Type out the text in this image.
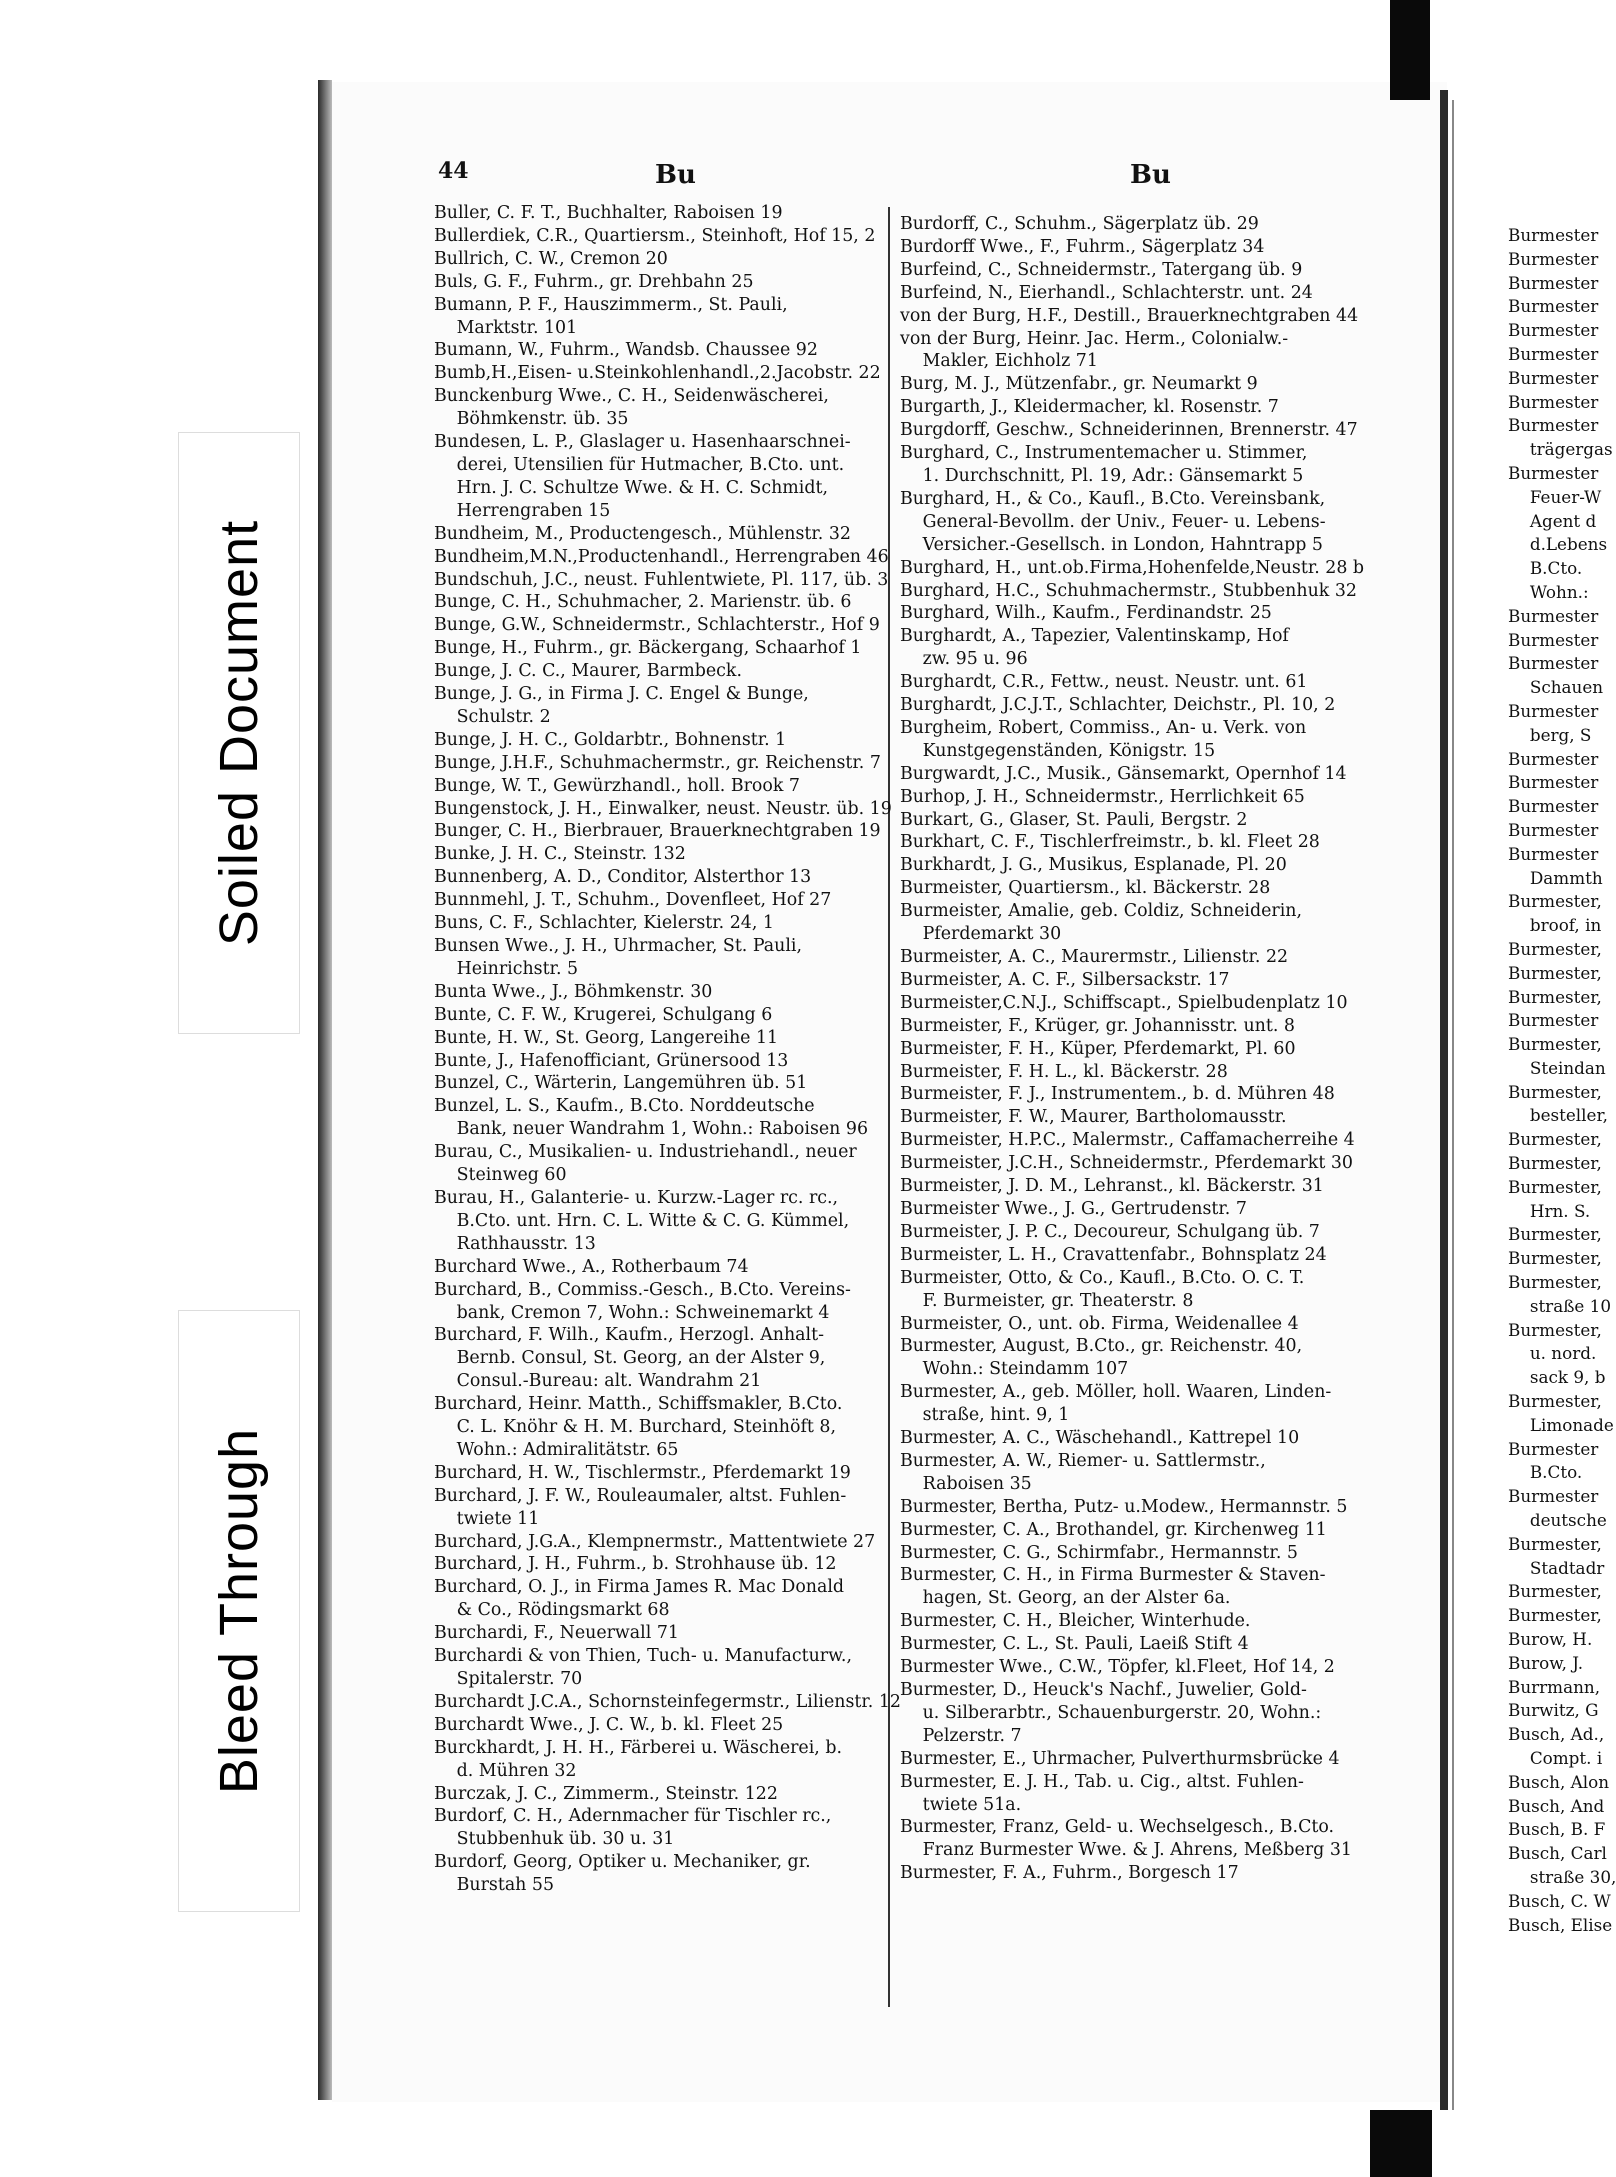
Soiled Document
Bleed Through
44	Bu	Bu
Buller, C. F. T., Buchhalter, Raboisen 19
Bullerdiek, C.R., Quartiersm., Steinhoft, Hof 15, 2
Bullrich, C. W., Cremon 20
Buls, G. F., Fuhrm., gr. Drehbahn 25
Bumann, P. F., Hauszimmerm., St. Pauli,
Marktstr. 101
Bumann, W., Fuhrm., Wandsb. Chaussee 92
Bumb,H.,Eisen- u.Steinkohlenhandl.,2.Jacobstr. 22
Bunckenburg Wwe., C. H., Seidenwäscherei,
Böhmkenstr. üb. 35
Bundesen, L. P., Glaslager u. Hasenhaarschnei-
derei, Utensilien für Hutmacher, B.Cto. unt.
Hrn. J. C. Schultze Wwe. & H. C. Schmidt,
Herrengraben 15
Bundheim, M., Productengesch., Mühlenstr. 32
Bundheim,M.N.,Productenhandl., Herrengraben 46
Bundschuh, J.C., neust. Fuhlentwiete, Pl. 117, üb. 3
Bunge, C. H., Schuhmacher, 2. Marienstr. üb. 6
Bunge, G.W., Schneidermstr., Schlachterstr., Hof 9
Bunge, H., Fuhrm., gr. Bäckergang, Schaarhof 1
Bunge, J. C. C., Maurer, Barmbeck.
Bunge, J. G., in Firma J. C. Engel & Bunge,
Schulstr. 2
Bunge, J. H. C., Goldarbtr., Bohnenstr. 1
Bunge, J.H.F., Schuhmachermstr., gr. Reichenstr. 7
Bunge, W. T., Gewürzhandl., holl. Brook 7
Bungenstock, J. H., Einwalker, neust. Neustr. üb. 19
Bunger, C. H., Bierbrauer, Brauerknechtgraben 19
Bunke, J. H. C., Steinstr. 132
Bunnenberg, A. D., Conditor, Alsterthor 13
Bunnmehl, J. T., Schuhm., Dovenfleet, Hof 27
Buns, C. F., Schlachter, Kielerstr. 24, 1
Bunsen Wwe., J. H., Uhrmacher, St. Pauli,
Heinrichstr. 5
Bunta Wwe., J., Böhmkenstr. 30
Bunte, C. F. W., Krugerei, Schulgang 6
Bunte, H. W., St. Georg, Langereihe 11
Bunte, J., Hafenofficiant, Grünersood 13
Bunzel, C., Wärterin, Langemühren üb. 51
Bunzel, L. S., Kaufm., B.Cto. Norddeutsche
Bank, neuer Wandrahm 1, Wohn.: Raboisen 96
Burau, C., Musikalien- u. Industriehandl., neuer
Steinweg 60
Burau, H., Galanterie- u. Kurzw.-Lager rc. rc.,
B.Cto. unt. Hrn. C. L. Witte & C. G. Kümmel,
Rathhausstr. 13
Burchard Wwe., A., Rotherbaum 74
Burchard, B., Commiss.-Gesch., B.Cto. Vereins-
bank, Cremon 7, Wohn.: Schweinemarkt 4
Burchard, F. Wilh., Kaufm., Herzogl. Anhalt-
Bernb. Consul, St. Georg, an der Alster 9,
Consul.-Bureau: alt. Wandrahm 21
Burchard, Heinr. Matth., Schiffsmakler, B.Cto.
C. L. Knöhr & H. M. Burchard, Steinhöft 8,
Wohn.: Admiralitätstr. 65
Burchard, H. W., Tischlermstr., Pferdemarkt 19
Burchard, J. F. W., Rouleaumaler, altst. Fuhlen-
twiete 11
Burchard, J.G.A., Klempnermstr., Mattentwiete 27
Burchard, J. H., Fuhrm., b. Strohhause üb. 12
Burchard, O. J., in Firma James R. Mac Donald
& Co., Rödingsmarkt 68
Burchardi, F., Neuerwall 71
Burchardi & von Thien, Tuch- u. Manufacturw.,
Spitalerstr. 70
Burchardt J.C.A., Schornsteinfegermstr., Lilienstr. 12
Burchardt Wwe., J. C. W., b. kl. Fleet 25
Burckhardt, J. H. H., Färberei u. Wäscherei, b.
d. Mühren 32
Burczak, J. C., Zimmerm., Steinstr. 122
Burdorf, C. H., Adernmacher für Tischler rc.,
Stubbenhuk üb. 30 u. 31
Burdorf, Georg, Optiker u. Mechaniker, gr.
Burstah 55
Burdorff, C., Schuhm., Sägerplatz üb. 29
Burdorff Wwe., F., Fuhrm., Sägerplatz 34
Burfeind, C., Schneidermstr., Tatergang üb. 9
Burfeind, N., Eierhandl., Schlachterstr. unt. 24
von der Burg, H.F., Destill., Brauerknechtgraben 44
von der Burg, Heinr. Jac. Herm., Colonialw.-
Makler, Eichholz 71
Burg, M. J., Mützenfabr., gr. Neumarkt 9
Burgarth, J., Kleidermacher, kl. Rosenstr. 7
Burgdorff, Geschw., Schneiderinnen, Brennerstr. 47
Burghard, C., Instrumentemacher u. Stimmer,
1. Durchschnitt, Pl. 19, Adr.: Gänsemarkt 5
Burghard, H., & Co., Kaufl., B.Cto. Vereinsbank,
General-Bevollm. der Univ., Feuer- u. Lebens-
Versicher.-Gesellsch. in London, Hahntrapp 5
Burghard, H., unt.ob.Firma,Hohenfelde,Neustr. 28 b
Burghard, H.C., Schuhmachermstr., Stubbenhuk 32
Burghard, Wilh., Kaufm., Ferdinandstr. 25
Burghardt, A., Tapezier, Valentinskamp, Hof
zw. 95 u. 96
Burghardt, C.R., Fettw., neust. Neustr. unt. 61
Burghardt, J.C.J.T., Schlachter, Deichstr., Pl. 10, 2
Burgheim, Robert, Commiss., An- u. Verk. von
Kunstgegenständen, Königstr. 15
Burgwardt, J.C., Musik., Gänsemarkt, Opernhof 14
Burhop, J. H., Schneidermstr., Herrlichkeit 65
Burkart, G., Glaser, St. Pauli, Bergstr. 2
Burkhart, C. F., Tischlerfreimstr., b. kl. Fleet 28
Burkhardt, J. G., Musikus, Esplanade, Pl. 20
Burmeister, Quartiersm., kl. Bäckerstr. 28
Burmeister, Amalie, geb. Coldiz, Schneiderin,
Pferdemarkt 30
Burmeister, A. C., Maurermstr., Lilienstr. 22
Burmeister, A. C. F., Silbersackstr. 17
Burmeister,C.N.J., Schiffscapt., Spielbudenplatz 10
Burmeister, F., Krüger, gr. Johannisstr. unt. 8
Burmeister, F. H., Küper, Pferdemarkt, Pl. 60
Burmeister, F. H. L., kl. Bäckerstr. 28
Burmeister, F. J., Instrumentem., b. d. Mühren 48
Burmeister, F. W., Maurer, Bartholomausstr.
Burmeister, H.P.C., Malermstr., Caffamacherreihe 4
Burmeister, J.C.H., Schneidermstr., Pferdemarkt 30
Burmeister, J. D. M., Lehranst., kl. Bäckerstr. 31
Burmeister Wwe., J. G., Gertrudenstr. 7
Burmeister, J. P. C., Decoureur, Schulgang üb. 7
Burmeister, L. H., Cravattenfabr., Bohnsplatz 24
Burmeister, Otto, & Co., Kaufl., B.Cto. O. C. T.
F. Burmeister, gr. Theaterstr. 8
Burmeister, O., unt. ob. Firma, Weidenallee 4
Burmester, August, B.Cto., gr. Reichenstr. 40,
Wohn.: Steindamm 107
Burmester, A., geb. Möller, holl. Waaren, Linden-
straße, hint. 9, 1
Burmester, A. C., Wäschehandl., Kattrepel 10
Burmester, A. W., Riemer- u. Sattlermstr.,
Raboisen 35
Burmester, Bertha, Putz- u.Modew., Hermannstr. 5
Burmester, C. A., Brothandel, gr. Kirchenweg 11
Burmester, C. G., Schirmfabr., Hermannstr. 5
Burmester, C. H., in Firma Burmester & Staven-
hagen, St. Georg, an der Alster 6a.
Burmester, C. H., Bleicher, Winterhude.
Burmester, C. L., St. Pauli, Laeiß Stift 4
Burmester Wwe., C.W., Töpfer, kl.Fleet, Hof 14, 2
Burmester, D., Heuck's Nachf., Juwelier, Gold-
u. Silberarbtr., Schauenburgerstr. 20, Wohn.:
Pelzerstr. 7
Burmester, E., Uhrmacher, Pulverthurmsbrücke 4
Burmester, E. J. H., Tab. u. Cig., altst. Fuhlen-
twiete 51a.
Burmester, Franz, Geld- u. Wechselgesch., B.Cto.
Franz Burmester Wwe. & J. Ahrens, Meßberg 31
Burmester, F. A., Fuhrm., Borgesch 17
Burmester
Burmester
Burmester
Burmester
Burmester
Burmester
Burmester
Burmester
Burmester
trägergas
Burmester
Feuer-W
Agent d
d.Lebens
B.Cto.
Wohn.:
Burmester
Burmester
Burmester
Schauen
Burmester
berg, S
Burmester
Burmester
Burmester
Burmester
Burmester
Dammth
Burmester,
broof, in
Burmester,
Burmester,
Burmester,
Burmester
Burmester,
Steindan
Burmester,
besteller,
Burmester,
Burmester,
Burmester,
Hrn. S.
Burmester,
Burmester,
Burmester,
straße 10
Burmester,
u. nord.
sack 9, b
Burmester,
Limonade
Burmester
B.Cto.
Burmester
deutsche
Burmester,
Stadtadr
Burmester,
Burmester,
Burow, H.
Burow, J.
Burrmann,
Burwitz, G
Busch, Ad.,
Compt. i
Busch, Alon
Busch, And
Busch, B. F
Busch, Carl
straße 30,
Busch, C. W
Busch, Elise
